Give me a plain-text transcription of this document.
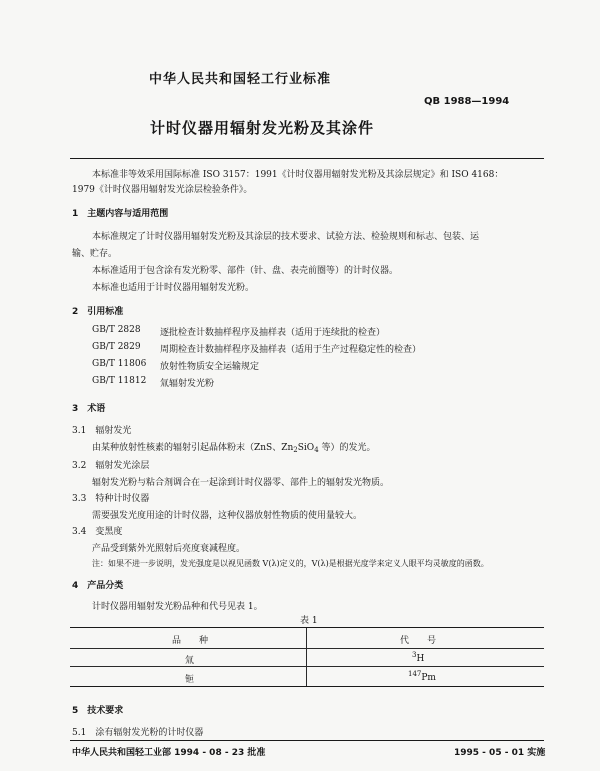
中华人民共和国轻工行业标准
QB 1988—1994
计时仪器用辐射发光粉及其涂件
本标准非等效采用国际标准 ISO 3157：1991《计时仪器用辐射发光粉及其涂层规定》和 ISO 4168：
1979《计时仪器用辐射发光涂层检验条件》。
1　主题内容与适用范围
本标准规定了计时仪器用辐射发光粉及其涂层的技术要求、试验方法、检验规则和标志、包装、运
输、贮存。
本标准适用于包含涂有发光粉零、部件（针、盘、表壳前圈等）的计时仪器。
本标准也适用于计时仪器用辐射发光粉。
2　引用标准
GB/T 2828 逐批检查计数抽样程序及抽样表（适用于连续批的检查）
GB/T 2829 周期检查计数抽样程序及抽样表（适用于生产过程稳定性的检查）
GB/T 11806 放射性物质安全运输规定
GB/T 11812 氚辐射发光粉
3　术语
3.1　辐射发光
由某种放射性核素的辐射引起晶体粉末（ZnS、$Zn_2SiO_4$ 等）的发光。
3.2　辐射发光涂层
辐射发光粉与粘合剂调合在一起涂到计时仪器零、部件上的辐射发光物质。
3.3　特种计时仪器
需要强发光度用途的计时仪器，这种仪器放射性物质的使用量较大。
3.4　变黑度
产品受到紫外光照射后亮度衰减程度。
注：如果不进一步说明，发光强度是以视见函数 V(λ)定义的，V(λ)是根据光度学来定义人眼平均灵敏度的函数。
4　产品分类
计时仪器用辐射发光粉品种和代号见表 1。
表 1
品　　种	代　　号
氚
$^3$H
钷
$^{147}$Pm
5　技术要求
5.1　涂有辐射发光粉的计时仪器
中华人民共和国轻工业部 1994 - 08 - 23 批准	1995 - 05 - 01 实施
